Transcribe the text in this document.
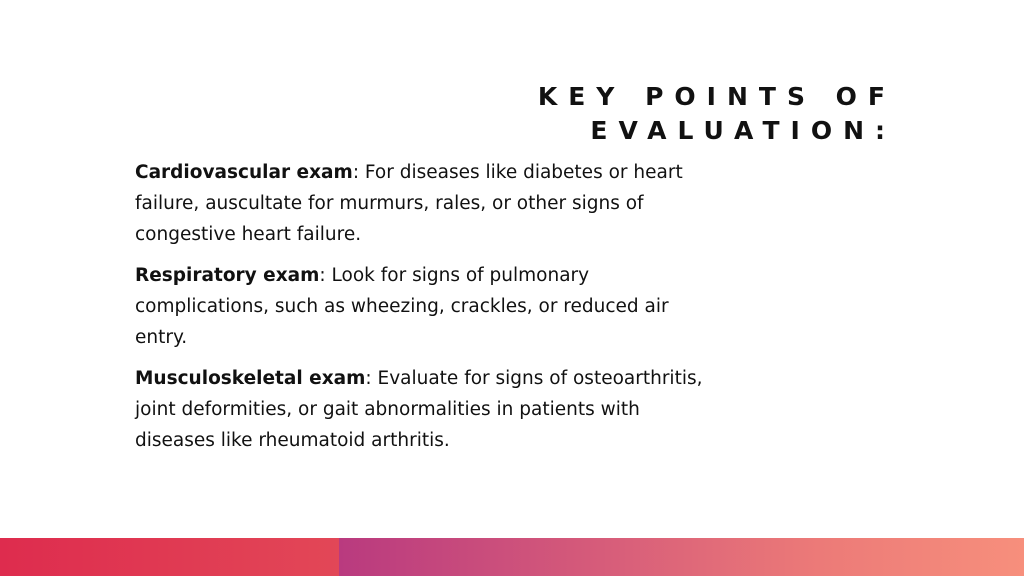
KEY POINTS OF EVALUATION:

Cardiovascular exam: For diseases like diabetes or heart failure, auscultate for murmurs, rales, or other signs of congestive heart failure.

Respiratory exam: Look for signs of pulmonary complications, such as wheezing, crackles, or reduced air entry.

Musculoskeletal exam: Evaluate for signs of osteoarthritis, joint deformities, or gait abnormalities in patients with diseases like rheumatoid arthritis.
